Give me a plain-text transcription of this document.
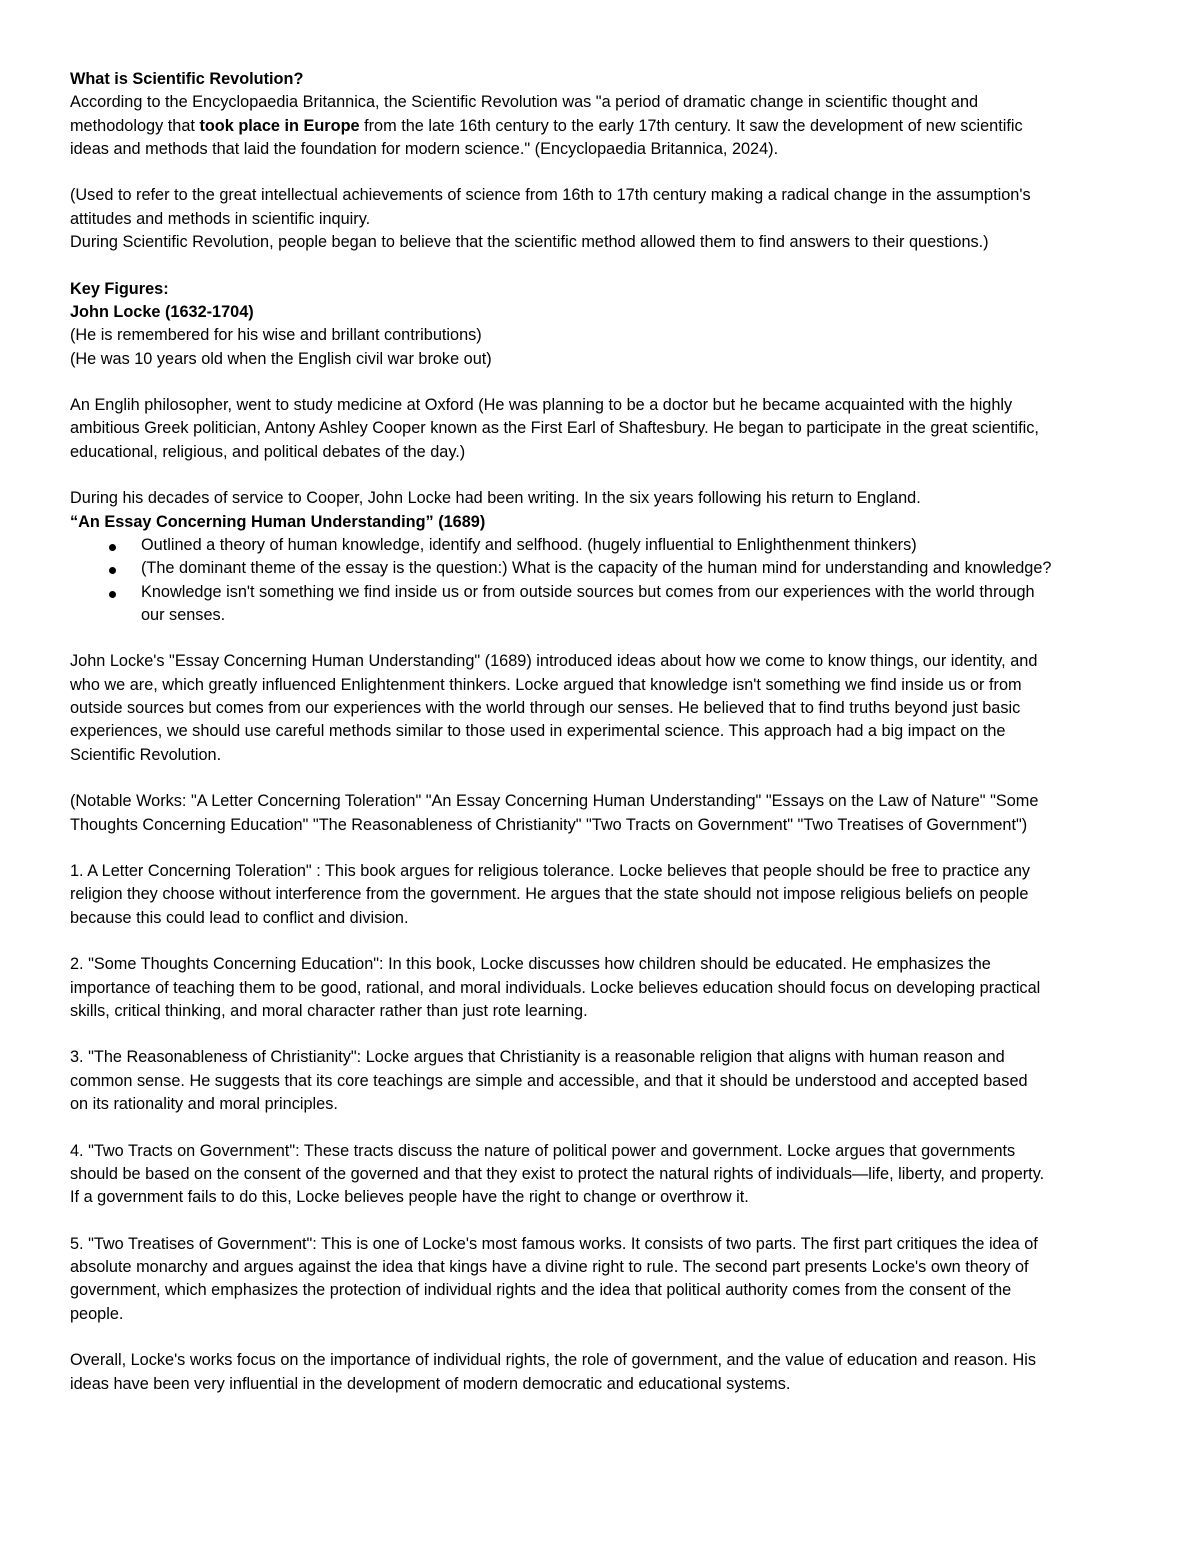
What is Scientific Revolution?
According to the Encyclopaedia Britannica, the Scientific Revolution was "a period of dramatic change in scientific thought and
methodology that took place in Europe from the late 16th century to the early 17th century. It saw the development of new scientific
ideas and methods that laid the foundation for modern science." (Encyclopaedia Britannica, 2024).
(Used to refer to the great intellectual achievements of science from 16th to 17th century making a radical change in the assumption's
attitudes and methods in scientific inquiry.
During Scientific Revolution, people began to believe that the scientific method allowed them to find answers to their questions.)
Key Figures:
John Locke (1632-1704)
(He is remembered for his wise and brillant contributions)
(He was 10 years old when the English civil war broke out)
An Englih philosopher, went to study medicine at Oxford (He was planning to be a doctor but he became acquainted with the highly
ambitious Greek politician, Antony Ashley Cooper known as the First Earl of Shaftesbury. He began to participate in the great scientific,
educational, religious, and political debates of the day.)
During his decades of service to Cooper, John Locke had been writing. In the six years following his return to England.
“An Essay Concerning Human Understanding” (1689)
Outlined a theory of human knowledge, identify and selfhood. (hugely influential to Enlighthenment thinkers)
(The dominant theme of the essay is the question:) What is the capacity of the human mind for understanding and knowledge?
Knowledge isn't something we find inside us or from outside sources but comes from our experiences with the world through
our senses.
John Locke's "Essay Concerning Human Understanding" (1689) introduced ideas about how we come to know things, our identity, and
who we are, which greatly influenced Enlightenment thinkers. Locke argued that knowledge isn't something we find inside us or from
outside sources but comes from our experiences with the world through our senses. He believed that to find truths beyond just basic
experiences, we should use careful methods similar to those used in experimental science. This approach had a big impact on the
Scientific Revolution.
(Notable Works: "A Letter Concerning Toleration" "An Essay Concerning Human Understanding" "Essays on the Law of Nature" "Some
Thoughts Concerning Education" "The Reasonableness of Christianity" "Two Tracts on Government" "Two Treatises of Government")
1. A Letter Concerning Toleration" : This book argues for religious tolerance. Locke believes that people should be free to practice any
religion they choose without interference from the government. He argues that the state should not impose religious beliefs on people
because this could lead to conflict and division.
2. "Some Thoughts Concerning Education": In this book, Locke discusses how children should be educated. He emphasizes the
importance of teaching them to be good, rational, and moral individuals. Locke believes education should focus on developing practical
skills, critical thinking, and moral character rather than just rote learning.
3. "The Reasonableness of Christianity": Locke argues that Christianity is a reasonable religion that aligns with human reason and
common sense. He suggests that its core teachings are simple and accessible, and that it should be understood and accepted based
on its rationality and moral principles.
4. "Two Tracts on Government": These tracts discuss the nature of political power and government. Locke argues that governments
should be based on the consent of the governed and that they exist to protect the natural rights of individuals—life, liberty, and property.
If a government fails to do this, Locke believes people have the right to change or overthrow it.
5. "Two Treatises of Government": This is one of Locke's most famous works. It consists of two parts. The first part critiques the idea of
absolute monarchy and argues against the idea that kings have a divine right to rule. The second part presents Locke's own theory of
government, which emphasizes the protection of individual rights and the idea that political authority comes from the consent of the
people.
Overall, Locke's works focus on the importance of individual rights, the role of government, and the value of education and reason. His
ideas have been very influential in the development of modern democratic and educational systems.
